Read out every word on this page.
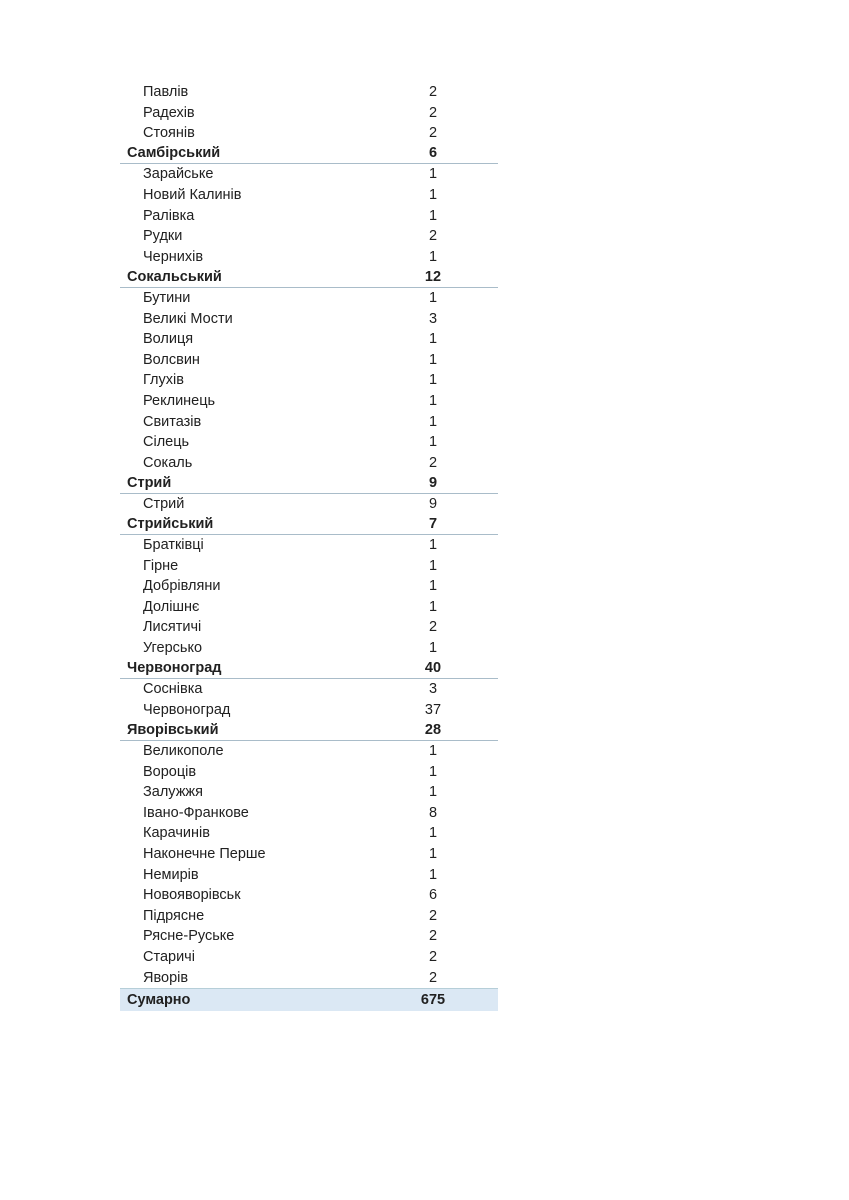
Павлів	2
Радехів	2
Стоянів	2
Самбірський	6
Зарайське	1
Новий Калинів	1
Ралівка	1
Рудки	2
Чернихів	1
Сокальський	12
Бутини	1
Великі Мости	3
Волиця	1
Волсвин	1
Глухів	1
Реклинець	1
Свитазів	1
Сілець	1
Сокаль	2
Стрий	9
Стрий	9
Стрийський	7
Братківці	1
Гірне	1
Добрівляни	1
Долішнє	1
Лисятичі	2
Угерсько	1
Червоноград	40
Соснівка	3
Червоноград	37
Яворівський	28
Великополе	1
Вороців	1
Залужжя	1
Івано-Франкове	8
Карачинів	1
Наконечне Перше	1
Немирів	1
Новояворівськ	6
Підрясне	2
Рясне-Руське	2
Старичі	2
Яворів	2
Сумарно	675
